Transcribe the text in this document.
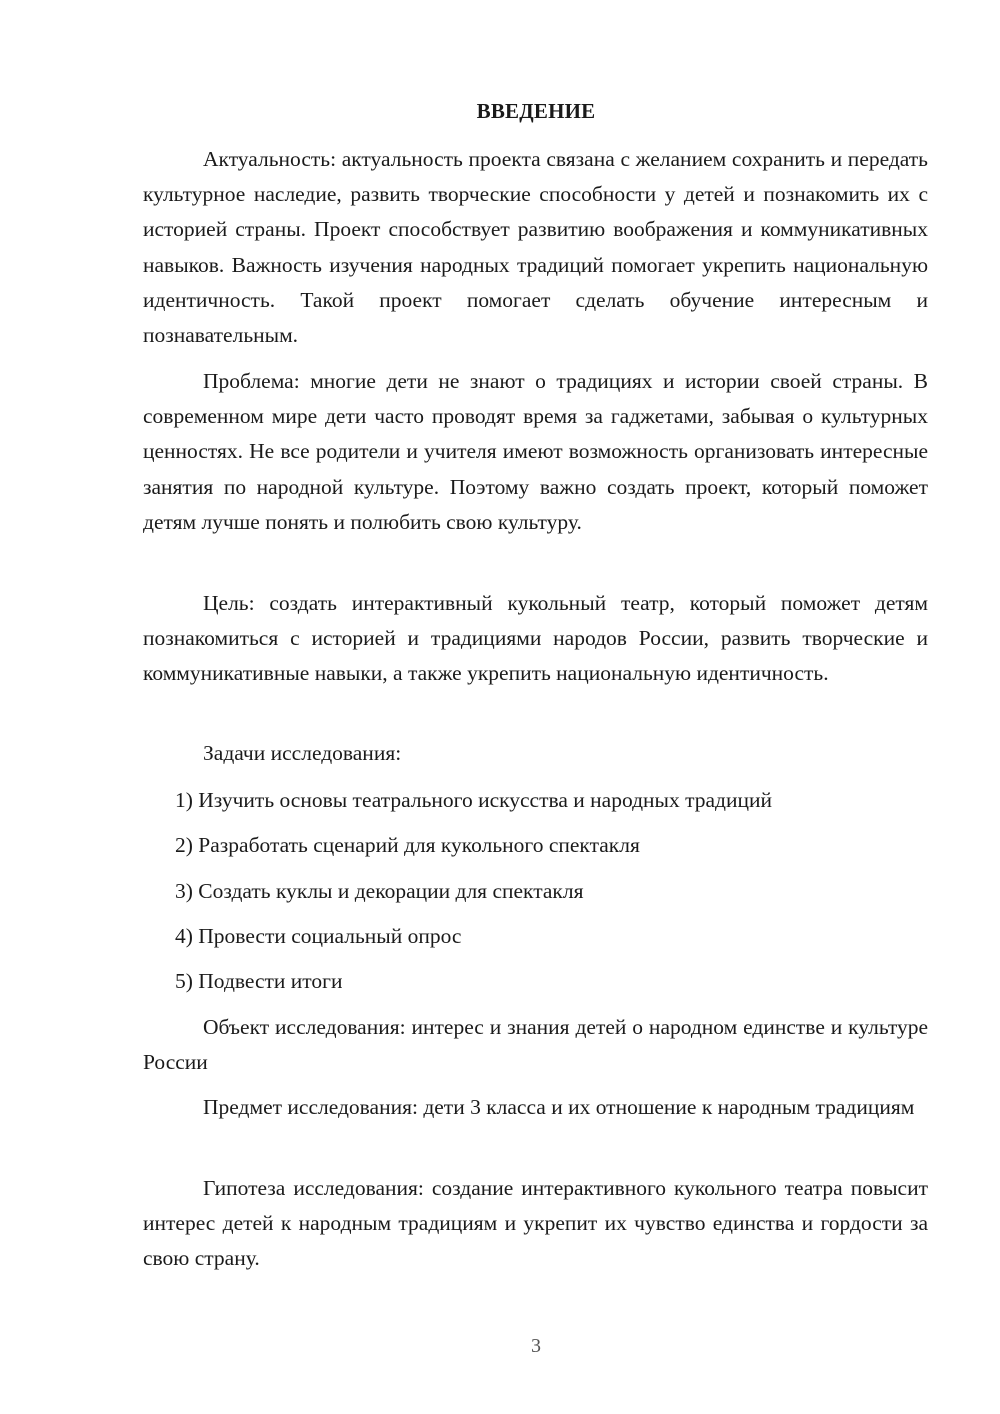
ВВЕДЕНИЕ

Актуальность: актуальность проекта связана с желанием сохранить и передать культурное наследие, развить творческие способности у детей и познакомить их с историей страны. Проект способствует развитию воображения и коммуникативных навыков. Важность изучения народных традиций помогает укрепить национальную идентичность. Такой проект помогает сделать обучение интересным и познавательным.

Проблема: многие дети не знают о традициях и истории своей страны. В современном мире дети часто проводят время за гаджетами, забывая о культурных ценностях. Не все родители и учителя имеют возможность организовать интересные занятия по народной культуре. Поэтому важно создать проект, который поможет детям лучше понять и полюбить свою культуру.

Цель: создать интерактивный кукольный театр, который поможет детям познакомиться с историей и традициями народов России, развить творческие и коммуникативные навыки, а также укрепить национальную идентичность.

Задачи исследования:

1) Изучить основы театрального искусства и народных традиций

2) Разработать сценарий для кукольного спектакля

3) Создать куклы и декорации для спектакля

4) Провести социальный опрос

5) Подвести итоги

Объект исследования: интерес и знания детей о народном единстве и культуре России

Предмет исследования: дети 3 класса и их отношение к народным традициям

Гипотеза исследования: создание интерактивного кукольного театра повысит интерес детей к народным традициям и укрепит их чувство единства и гордости за свою страну.

3
